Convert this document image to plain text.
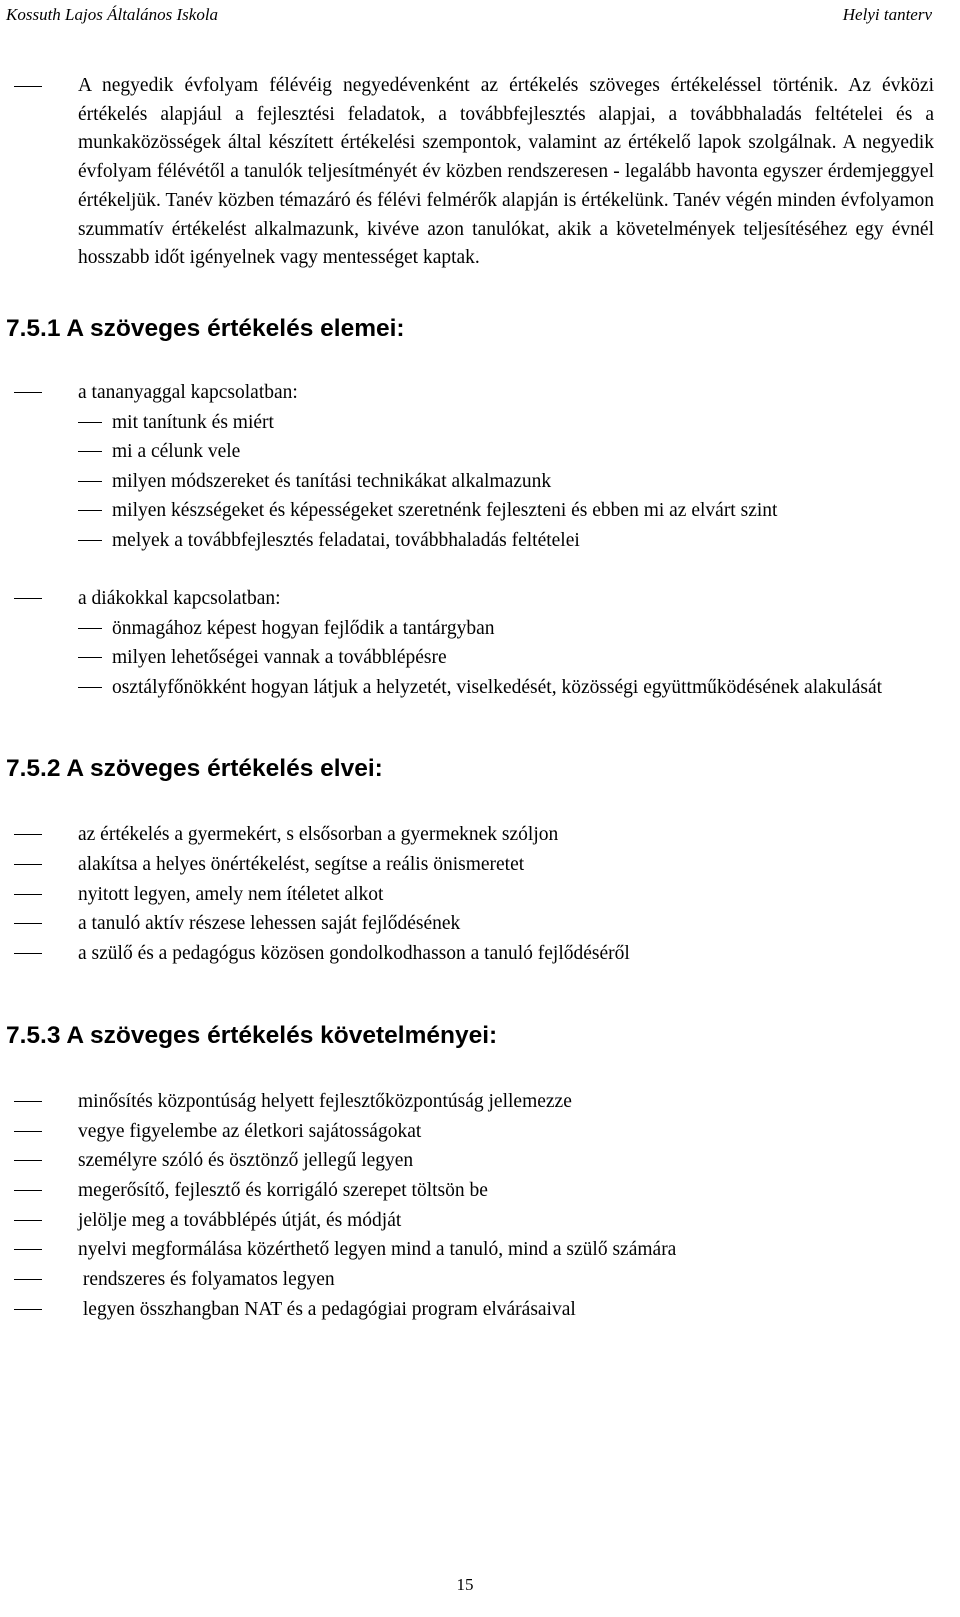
Kossuth Lajos Általános Iskola	Helyi tanterv
A negyedik évfolyam félévéig negyedévenként az értékelés szöveges értékeléssel történik. Az évközi értékelés alapjául a fejlesztési feladatok, a továbbfejlesztés alapjai, a továbbhaladás feltételei és a munkaközösségek által készített értékelési szempontok, valamint az értékelő lapok szolgálnak. A negyedik évfolyam félévétől a tanulók teljesítményét év közben rendszeresen - legalább havonta egyszer érdemjeggyel értékeljük. Tanév közben témazáró és félévi felmérők alapján is értékelünk. Tanév végén minden évfolyamon szummatív értékelést alkalmazunk, kivéve azon tanulókat, akik a követelmények teljesítéséhez egy évnél hosszabb időt igényelnek vagy mentességet kaptak.
7.5.1 A szöveges értékelés elemei:
a tananyaggal kapcsolatban:
mit tanítunk és miért
mi a célunk vele
milyen módszereket és tanítási technikákat alkalmazunk
milyen készségeket és képességeket szeretnénk fejleszteni és ebben mi az elvárt szint
melyek a továbbfejlesztés feladatai, továbbhaladás feltételei
a diákokkal kapcsolatban:
önmagához képest hogyan fejlődik a tantárgyban
milyen lehetőségei vannak a továbblépésre
osztályfőnökként hogyan látjuk a helyzetét, viselkedését, közösségi együttműködésének alakulását
7.5.2 A szöveges értékelés elvei:
az értékelés a gyermekért, s elsősorban a gyermeknek szóljon
alakítsa a helyes önértékelést, segítse a reális önismeretet
nyitott legyen, amely nem ítéletet alkot
a tanuló aktív részese lehessen saját fejlődésének
a szülő és a pedagógus közösen gondolkodhasson a tanuló fejlődéséről
7.5.3 A szöveges értékelés követelményei:
minősítés központúság helyett fejlesztőközpontúság jellemezze
vegye figyelembe az életkori sajátosságokat
személyre szóló és ösztönző jellegű legyen
megerősítő, fejlesztő és korrigáló szerepet töltsön be
jelölje meg a továbblépés útját, és módját
nyelvi megformálása közérthető legyen mind a tanuló, mind a szülő számára
rendszeres és folyamatos legyen
legyen összhangban NAT és a pedagógiai program elvárásaival
15
